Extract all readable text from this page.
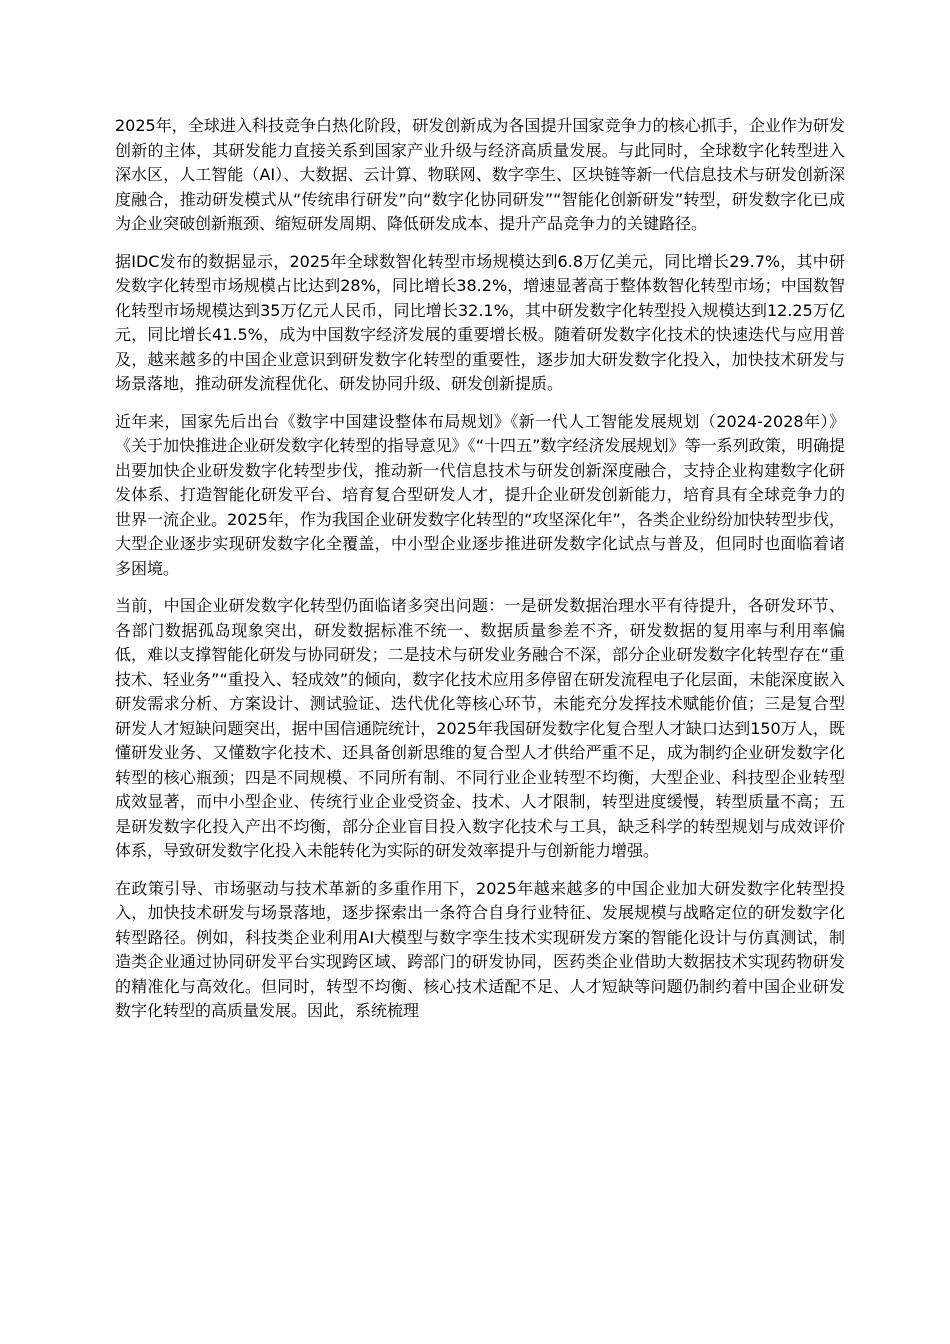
2025年，全球进入科技竞争白热化阶段，研发创新成为各国提升国家竞争力的核心抓手，企业作为研发创新的主体，其研发能力直接关系到国家产业升级与经济高质量发展。与此同时，全球数字化转型进入深水区，人工智能（AI）、大数据、云计算、物联网、数字孪生、区块链等新一代信息技术与研发创新深度融合，推动研发模式从“传统串行研发”向“数字化协同研发”“智能化创新研发”转型，研发数字化已成为企业突破创新瓶颈、缩短研发周期、降低研发成本、提升产品竞争力的关键路径。

据IDC发布的数据显示，2025年全球数智化转型市场规模达到6.8万亿美元，同比增长29.7%，其中研发数字化转型市场规模占比达到28%，同比增长38.2%，增速显著高于整体数智化转型市场；中国数智化转型市场规模达到35万亿元人民币，同比增长32.1%，其中研发数字化转型投入规模达到12.25万亿元，同比增长41.5%，成为中国数字经济发展的重要增长极。随着研发数字化技术的快速迭代与应用普及，越来越多的中国企业意识到研发数字化转型的重要性，逐步加大研发数字化投入，加快技术研发与场景落地，推动研发流程优化、研发协同升级、研发创新提质。

近年来，国家先后出台《数字中国建设整体布局规划》《新一代人工智能发展规划（2024-2028年）》《关于加快推进企业研发数字化转型的指导意见》《“十四五”数字经济发展规划》等一系列政策，明确提出要加快企业研发数字化转型步伐，推动新一代信息技术与研发创新深度融合，支持企业构建数字化研发体系、打造智能化研发平台、培育复合型研发人才，提升企业研发创新能力，培育具有全球竞争力的世界一流企业。2025年，作为我国企业研发数字化转型的“攻坚深化年”，各类企业纷纷加快转型步伐，大型企业逐步实现研发数字化全覆盖，中小型企业逐步推进研发数字化试点与普及，但同时也面临着诸多困境。

当前，中国企业研发数字化转型仍面临诸多突出问题：一是研发数据治理水平有待提升，各研发环节、各部门数据孤岛现象突出，研发数据标准不统一、数据质量参差不齐，研发数据的复用率与利用率偏低，难以支撑智能化研发与协同研发；二是技术与研发业务融合不深，部分企业研发数字化转型存在“重技术、轻业务”“重投入、轻成效”的倾向，数字化技术应用多停留在研发流程电子化层面，未能深度嵌入研发需求分析、方案设计、测试验证、迭代优化等核心环节，未能充分发挥技术赋能价值；三是复合型研发人才短缺问题突出，据中国信通院统计，2025年我国研发数字化复合型人才缺口达到150万人，既懂研发业务、又懂数字化技术、还具备创新思维的复合型人才供给严重不足，成为制约企业研发数字化转型的核心瓶颈；四是不同规模、不同所有制、不同行业企业转型不均衡，大型企业、科技型企业转型成效显著，而中小型企业、传统行业企业受资金、技术、人才限制，转型进度缓慢，转型质量不高；五是研发数字化投入产出不均衡，部分企业盲目投入数字化技术与工具，缺乏科学的转型规划与成效评价体系，导致研发数字化投入未能转化为实际的研发效率提升与创新能力增强。

在政策引导、市场驱动与技术革新的多重作用下，2025年越来越多的中国企业加大研发数字化转型投入，加快技术研发与场景落地，逐步探索出一条符合自身行业特征、发展规模与战略定位的研发数字化转型路径。例如，科技类企业利用AI大模型与数字孪生技术实现研发方案的智能化设计与仿真测试，制造类企业通过协同研发平台实现跨区域、跨部门的研发协同，医药类企业借助大数据技术实现药物研发的精准化与高效化。但同时，转型不均衡、核心技术适配不足、人才短缺等问题仍制约着中国企业研发数字化转型的高质量发展。因此，系统梳理
